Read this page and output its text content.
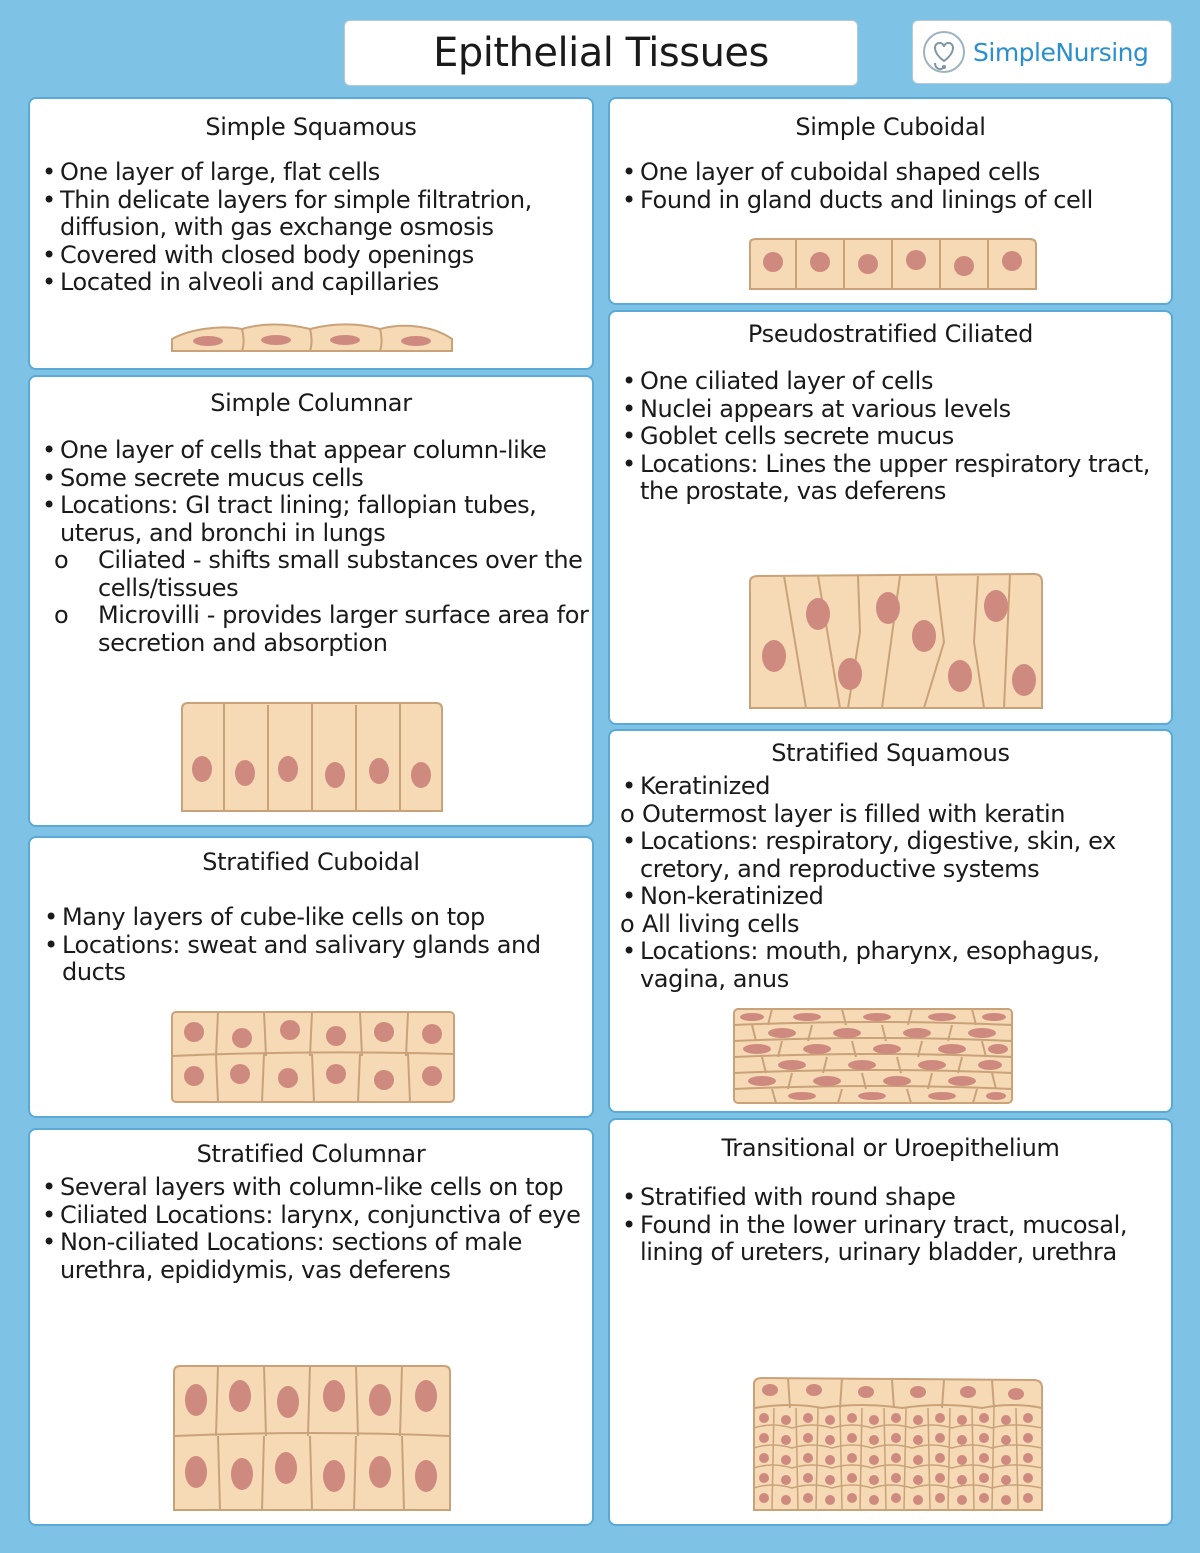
Epithelial Tissues	SimpleNursing
Simple Squamous
• One layer of large, flat cells
• Thin delicate layers for simple filtratrion, diffusion, with gas exchange osmosis
• Covered with closed body openings
• Located in alveoli and capillaries
Simple Cuboidal
• One layer of cuboidal shaped cells
• Found in gland ducts and linings of cell
Simple Columnar
• One layer of cells that appear column-like
• Some secrete mucus cells
• Locations: GI tract lining; fallopian tubes, uterus, and bronchi in lungs
o Ciliated - shifts small substances over the cells/tissues
o Microvilli - provides larger surface area for secretion and absorption
Pseudostratified Ciliated
• One ciliated layer of cells
• Nuclei appears at various levels
• Goblet cells secrete mucus
• Locations: Lines the upper respiratory tract, the prostate, vas deferens
Stratified Squamous
• Keratinized
o Outermost layer is filled with keratin
• Locations: respiratory, digestive, skin, ex cretory, and reproductive systems
• Non-keratinized
o All living cells
• Locations: mouth, pharynx, esophagus, vagina, anus
Stratified Cuboidal
• Many layers of cube-like cells on top
• Locations: sweat and salivary glands and ducts
Stratified Columnar
• Several layers with column-like cells on top
• Ciliated Locations: larynx, conjunctiva of eye
• Non-ciliated Locations: sections of male urethra, epididymis, vas deferens
Transitional or Uroepithelium
• Stratified with round shape
• Found in the lower urinary tract, mucosal, lining of ureters, urinary bladder, urethra
